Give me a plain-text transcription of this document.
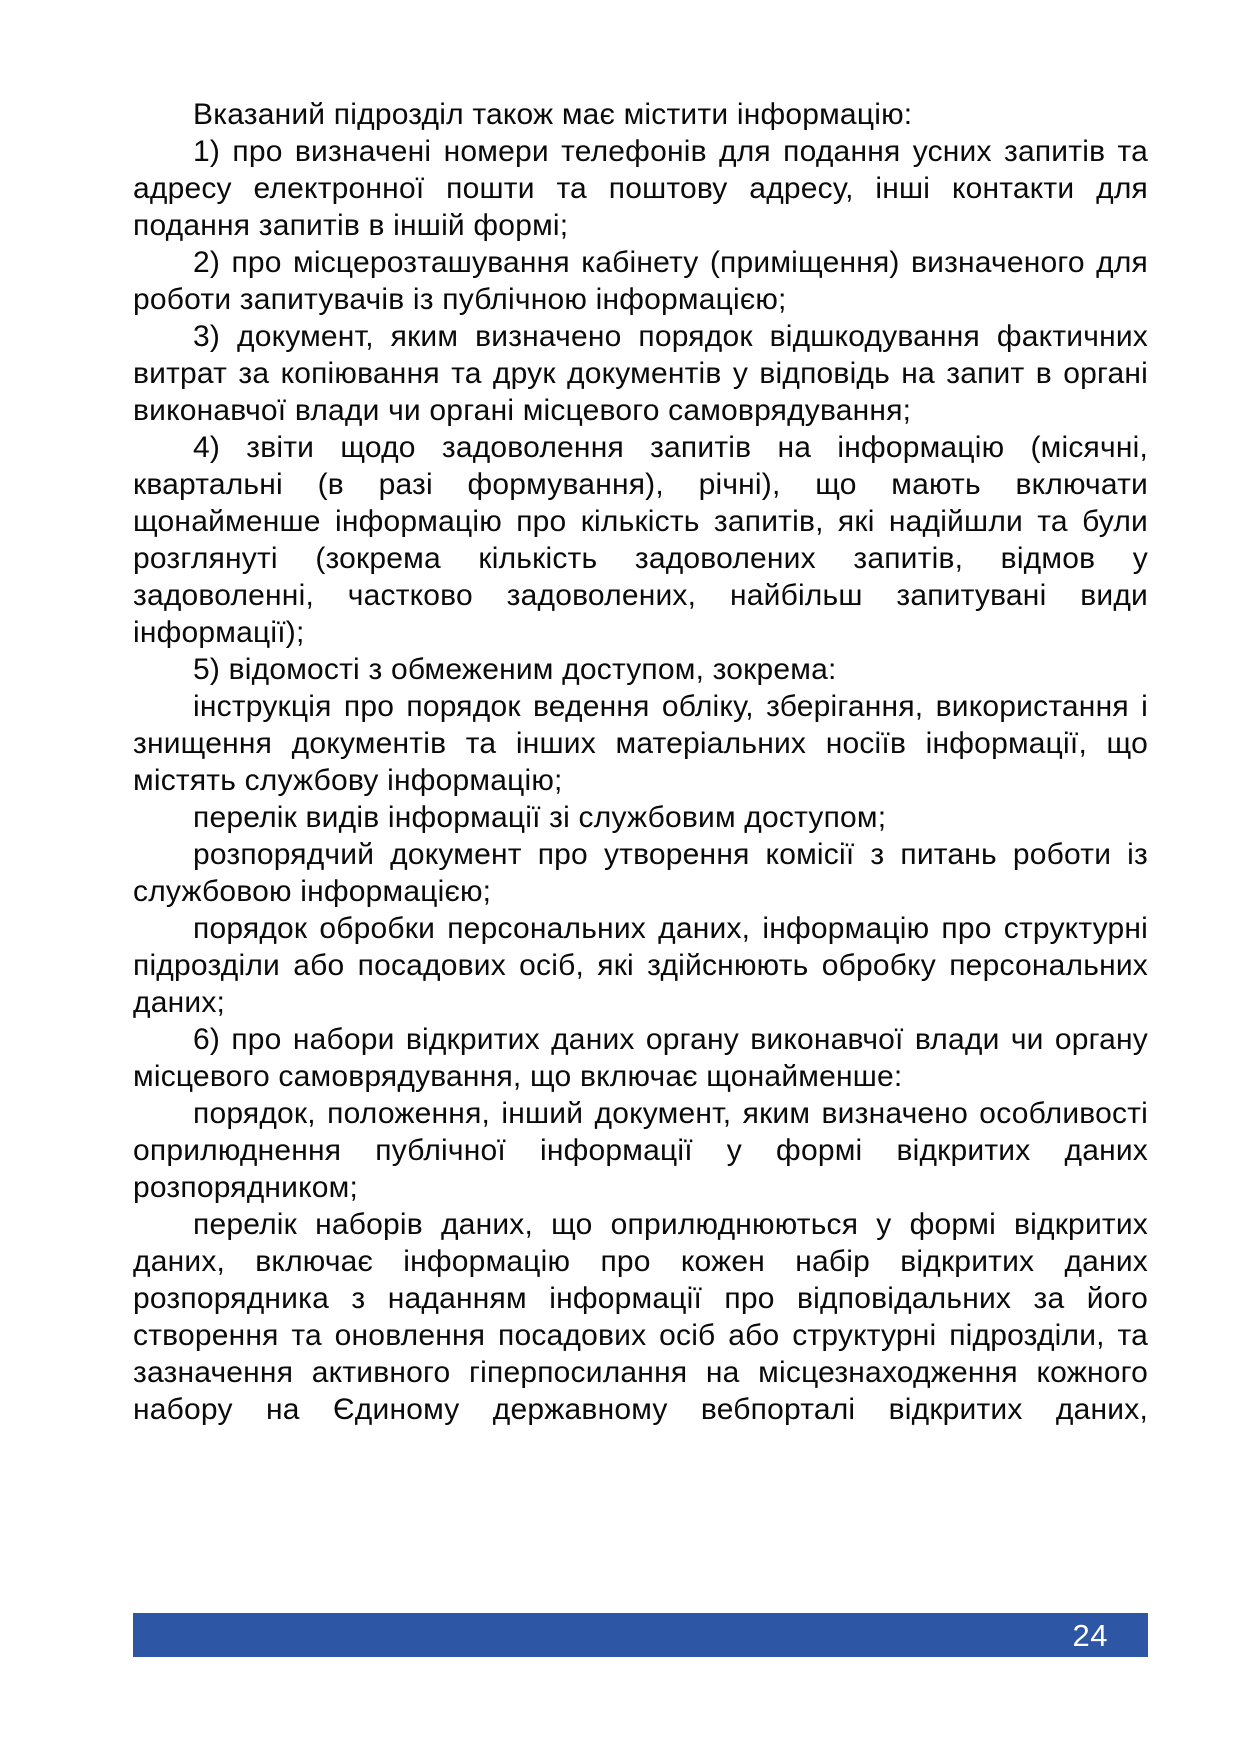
Вказаний підрозділ також має містити інформацію:

1) про визначені номери телефонів для подання усних запитів та адресу електронної пошти та поштову адресу, інші контакти для подання запитів в іншій формі;

2) про місцерозташування кабінету (приміщення) визначеного для роботи запитувачів із публічною інформацією;

3) документ, яким визначено порядок відшкодування фактичних витрат за копіювання та друк документів у відповідь на запит в органі виконавчої влади чи органі місцевого самоврядування;

4) звіти щодо задоволення запитів на інформацію (місячні, квартальні (в разі формування), річні), що мають включати щонайменше інформацію про кількість запитів, які надійшли та були розглянуті (зокрема кількість задоволених запитів, відмов у задоволенні, частково задоволених, найбільш запитувані види інформації);

5) відомості з обмеженим доступом, зокрема:

інструкція про порядок ведення обліку, зберігання, використання і знищення документів та інших матеріальних носіїв інформації, що містять службову інформацію;

перелік видів інформації зі службовим доступом;

розпорядчий документ про утворення комісії з питань роботи із службовою інформацією;

порядок обробки персональних даних, інформацію про структурні підрозділи або посадових осіб, які здійснюють обробку персональних даних;

6) про набори відкритих даних органу виконавчої влади чи органу місцевого самоврядування, що включає щонайменше:

порядок, положення, інший документ, яким визначено особливості оприлюднення публічної інформації у формі відкритих даних розпорядником;

перелік наборів даних, що оприлюднюються у формі відкритих даних, включає інформацію про кожен набір відкритих даних розпорядника з наданням інформації про відповідальних за його створення та оновлення посадових осіб або структурні підрозділи, та зазначення активного гіперпосилання на місцезнаходження кожного набору на Єдиному державному вебпорталі відкритих даних,

24
